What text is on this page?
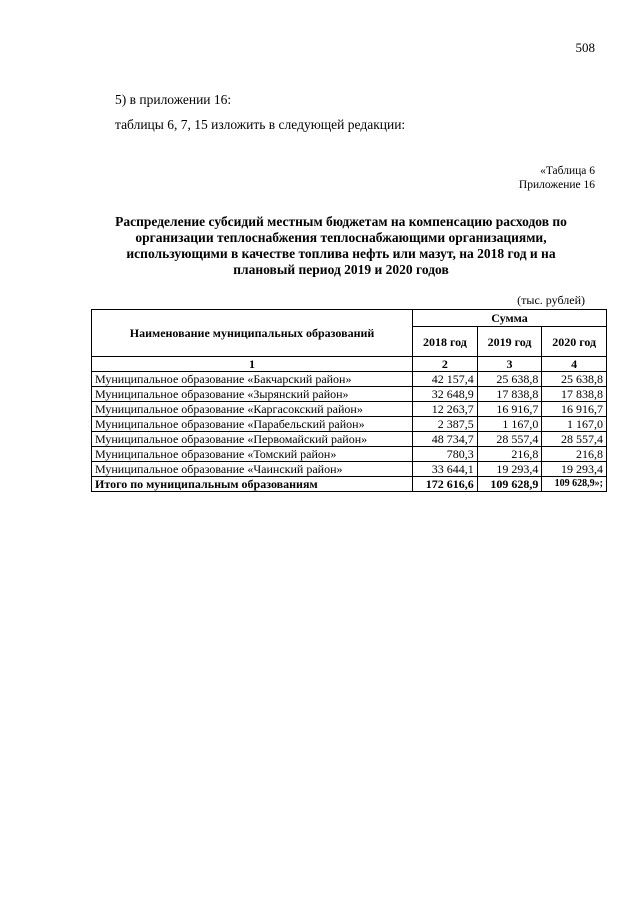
508
5) в приложении 16:
таблицы 6, 7, 15 изложить в следующей редакции:
«Таблица 6
Приложение 16
Распределение субсидий местным бюджетам на компенсацию расходов по организации теплоснабжения теплоснабжающими организациями, использующими в качестве топлива нефть или мазут, на 2018 год и на плановый период 2019 и 2020 годов
(тыс. рублей)
Наименование муниципальных образований	Сумма		
	2018 год	2019 год	2020 год
1	2	3	4
Муниципальное образование «Бакчарский район»	42 157,4	25 638,8	25 638,8
Муниципальное образование «Зырянский район»	32 648,9	17 838,8	17 838,8
Муниципальное образование «Каргасокский район»	12 263,7	16 916,7	16 916,7
Муниципальное образование «Парабельский район»	2 387,5	1 167,0	1 167,0
Муниципальное образование «Первомайский район»	48 734,7	28 557,4	28 557,4
Муниципальное образование «Томский район»	780,3	216,8	216,8
Муниципальное образование «Чаинский район»	33 644,1	19 293,4	19 293,4
Итого по муниципальным образованиям	172 616,6	109 628,9	109 628,9»;
